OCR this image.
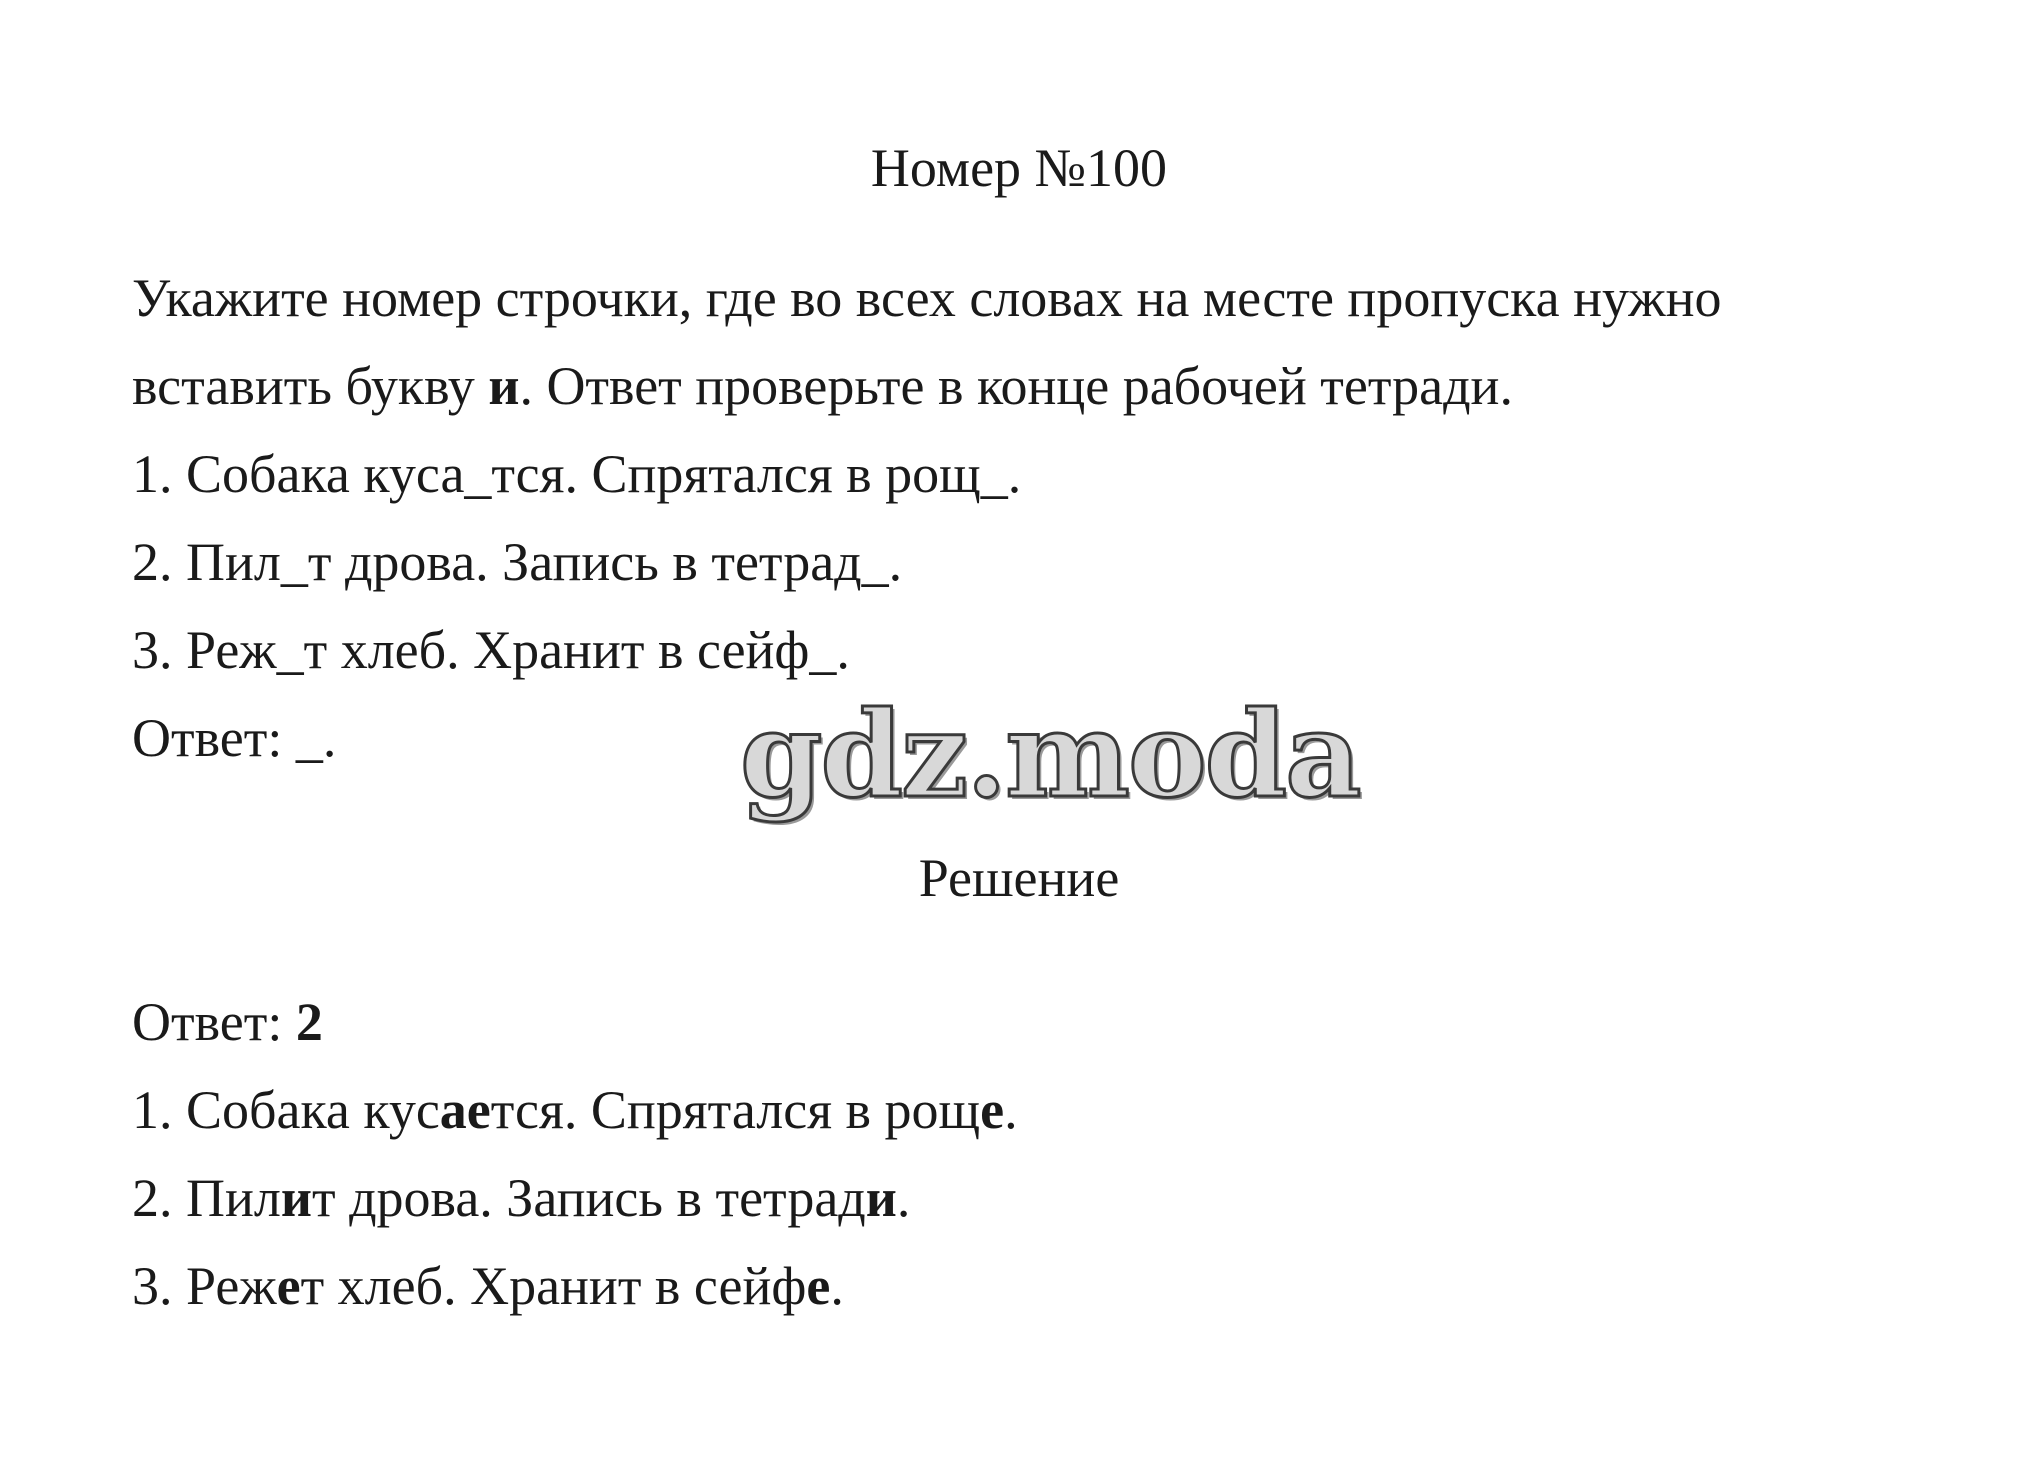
Номер №100
Укажите номер строчки, где во всех словах на месте пропуска нужно
вставить букву и. Ответ проверьте в конце рабочей тетради.
1. Собака куса_тся. Спрятался в рощ_.
2. Пил_т дрова. Запись в тетрад_.
3. Реж_т хлеб. Хранит в сейф_.
Ответ: _.	gdz.moda
Решение
Ответ: 2
1. Собака кусается. Спрятался в роще.
2. Пилит дрова. Запись в тетради.
3. Режет хлеб. Хранит в сейфе.
